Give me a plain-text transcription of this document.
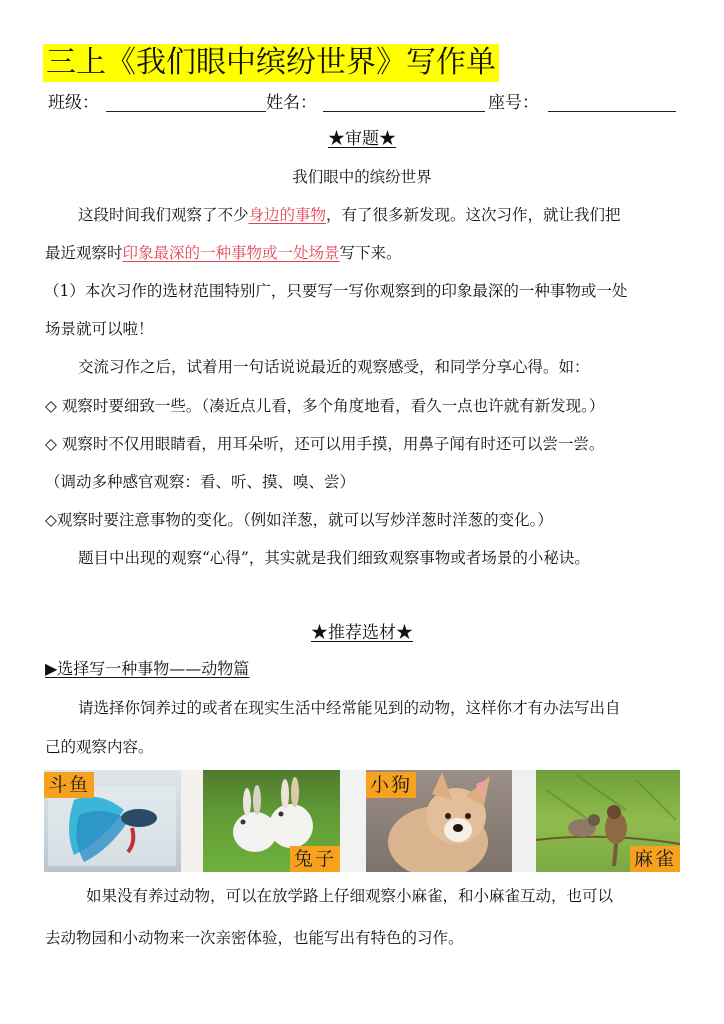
三上《我们眼中缤纷世界》写作单
班级：	姓名：	座号：
★审题★
我们眼中的缤纷世界
这段时间我们观察了不少身边的事物，有了很多新发现。这次习作，就让我们把
最近观察时印象最深的一种事物或一处场景写下来。
（1）本次习作的选材范围特别广，只要写一写你观察到的印象最深的一种事物或一处
场景就可以啦！
交流习作之后，试着用一句话说说最近的观察感受，和同学分享心得。如：
◇ 观察时要细致一些。（凑近点儿看，多个角度地看，看久一点也许就有新发现。）
◇ 观察时不仅用眼睛看，用耳朵听，还可以用手摸，用鼻子闻有时还可以尝一尝。
（调动多种感官观察：看、听、摸、嗅、尝）
◇观察时要注意事物的变化。（例如洋葱，就可以写炒洋葱时洋葱的变化。）
题目中出现的观察“心得”，其实就是我们细致观察事物或者场景的小秘诀。
★推荐选材★
▶选择写一种事物——动物篇
请选择你饲养过的或者在现实生活中经常能见到的动物，这样你才有办法写出自
己的观察内容。
斗鱼
兔子
小狗
麻雀
如果没有养过动物，可以在放学路上仔细观察小麻雀，和小麻雀互动，也可以
去动物园和小动物来一次亲密体验，也能写出有特色的习作。
